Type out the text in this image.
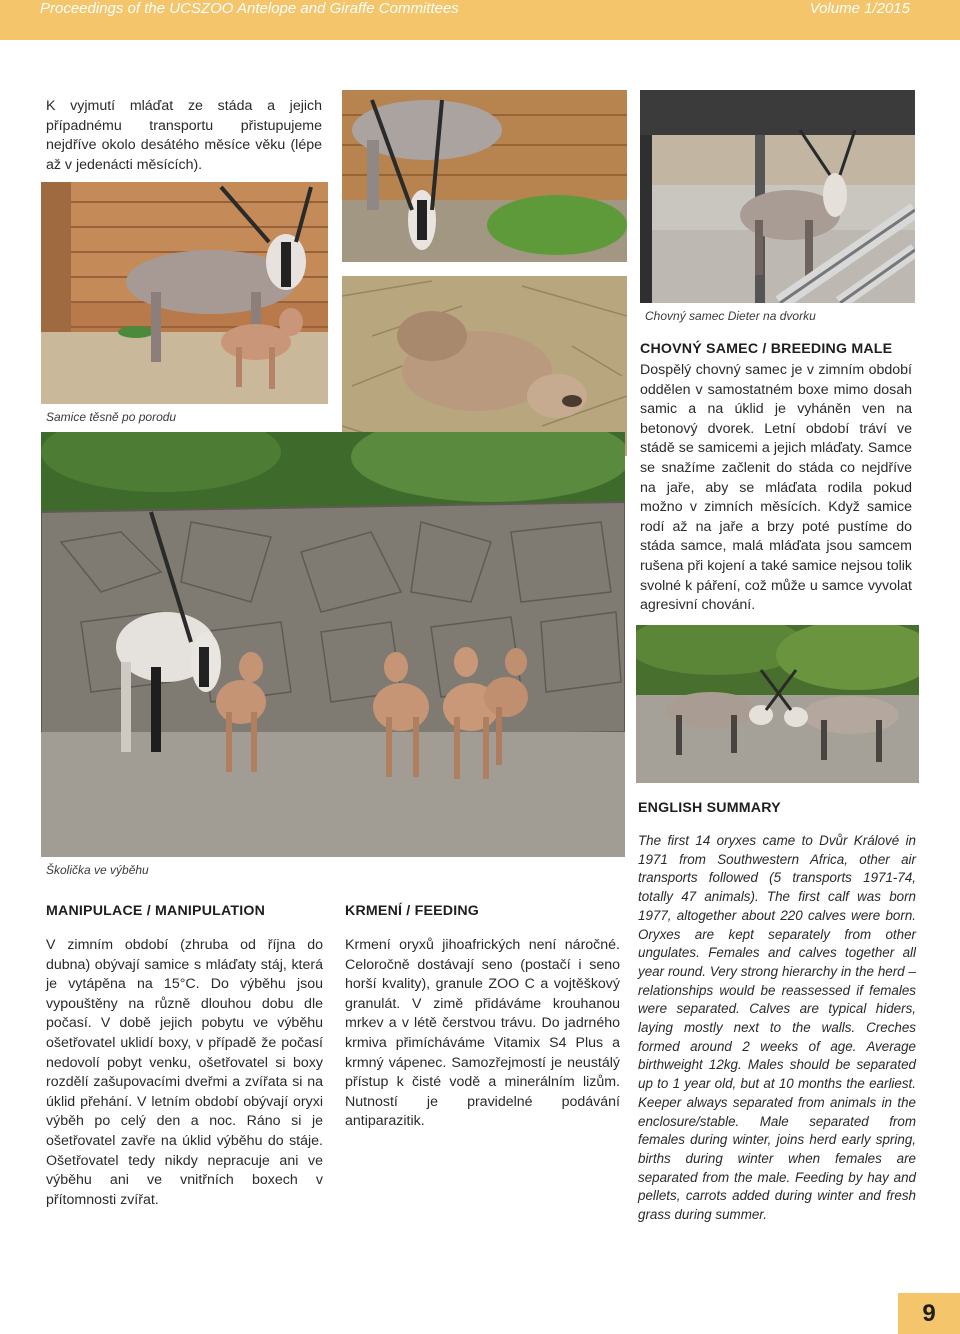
Proceedings of the UCSZOO Antelope and Giraffe Committees	Volume 1/2015

K vyjmutí mláďat ze stáda a jejich případnému transportu přistupujeme nejdříve okolo desátého měsíce věku (lépe až v jedenácti měsících).

Samice těsně po porodu
Chovný samec Dieter na dvorku
CHOVNÝ SAMEC / BREEDING MALE

Dospělý chovný samec je v zimním období oddělen v samostatném boxe mimo dosah samic a na úklid je vyháněn ven na betonový dvorek. Letní období tráví ve stádě se samicemi a jejich mláďaty. Samce se snažíme začlenit do stáda co nejdříve na jaře, aby se mláďata rodila pokud možno v zimních měsících. Když samice rodí až na jaře a brzy poté pustíme do stáda samce, malá mláďata jsou samcem rušena při kojení a také samice nejsou tolik svolné k páření, což může u samce vyvolat agresivní chování.

Školička ve výběhu
ENGLISH SUMMARY

The first 14 oryxes came to Dvůr Králové in 1971 from Southwestern Africa, other air transports followed (5 transports 1971-74, totally 47 animals). The first calf was born 1977, altogether about 220 calves were born. Oryxes are kept separately from other ungulates. Females and calves together all year round. Very strong hierarchy in the herd – relationships would be reassessed if females were separated. Calves are typical hiders, laying mostly next to the walls. Creches formed around 2 weeks of age. Average birthweight 12kg. Males should be separated up to 1 year old, but at 10 months the earliest. Keeper always separated from animals in the enclosure/stable. Male separated from females during winter, joins herd early spring, births during winter when females are separated from the male. Feeding by hay and pellets, carrots added during winter and fresh grass during summer.

MANIPULACE / MANIPULATION

V zimním období (zhruba od října do dubna) obývají samice s mláďaty stáj, která je vytápěna na 15°C. Do výběhu jsou vypouštěny na různě dlouhou dobu dle počasí. V době jejich pobytu ve výběhu ošetřovatel uklidí boxy, v případě že počasí nedovolí pobyt venku, ošetřovatel si boxy rozdělí zašupovacími dveřmi a zvířata si na úklid přehání. V letním období obývají oryxi výběh po celý den a noc. Ráno si je ošetřovatel zavře na úklid výběhu do stáje. Ošetřovatel tedy nikdy nepracuje ani ve výběhu ani ve vnitřních boxech v přítomnosti zvířat.

KRMENÍ / FEEDING

Krmení oryxů jihoafrických není náročné. Celoročně dostávají seno (postačí i seno horší kvality), granule ZOO C a vojtěškový granulát. V zimě přidáváme krouhanou mrkev a v létě čerstvou trávu. Do jadrného krmiva přimícháváme Vitamix S4 Plus a krmný vápenec. Samozřejmostí je neustálý přístup k čisté vodě a minerálním lizům. Nutností je pravidelné podávání antiparazitik.

9
